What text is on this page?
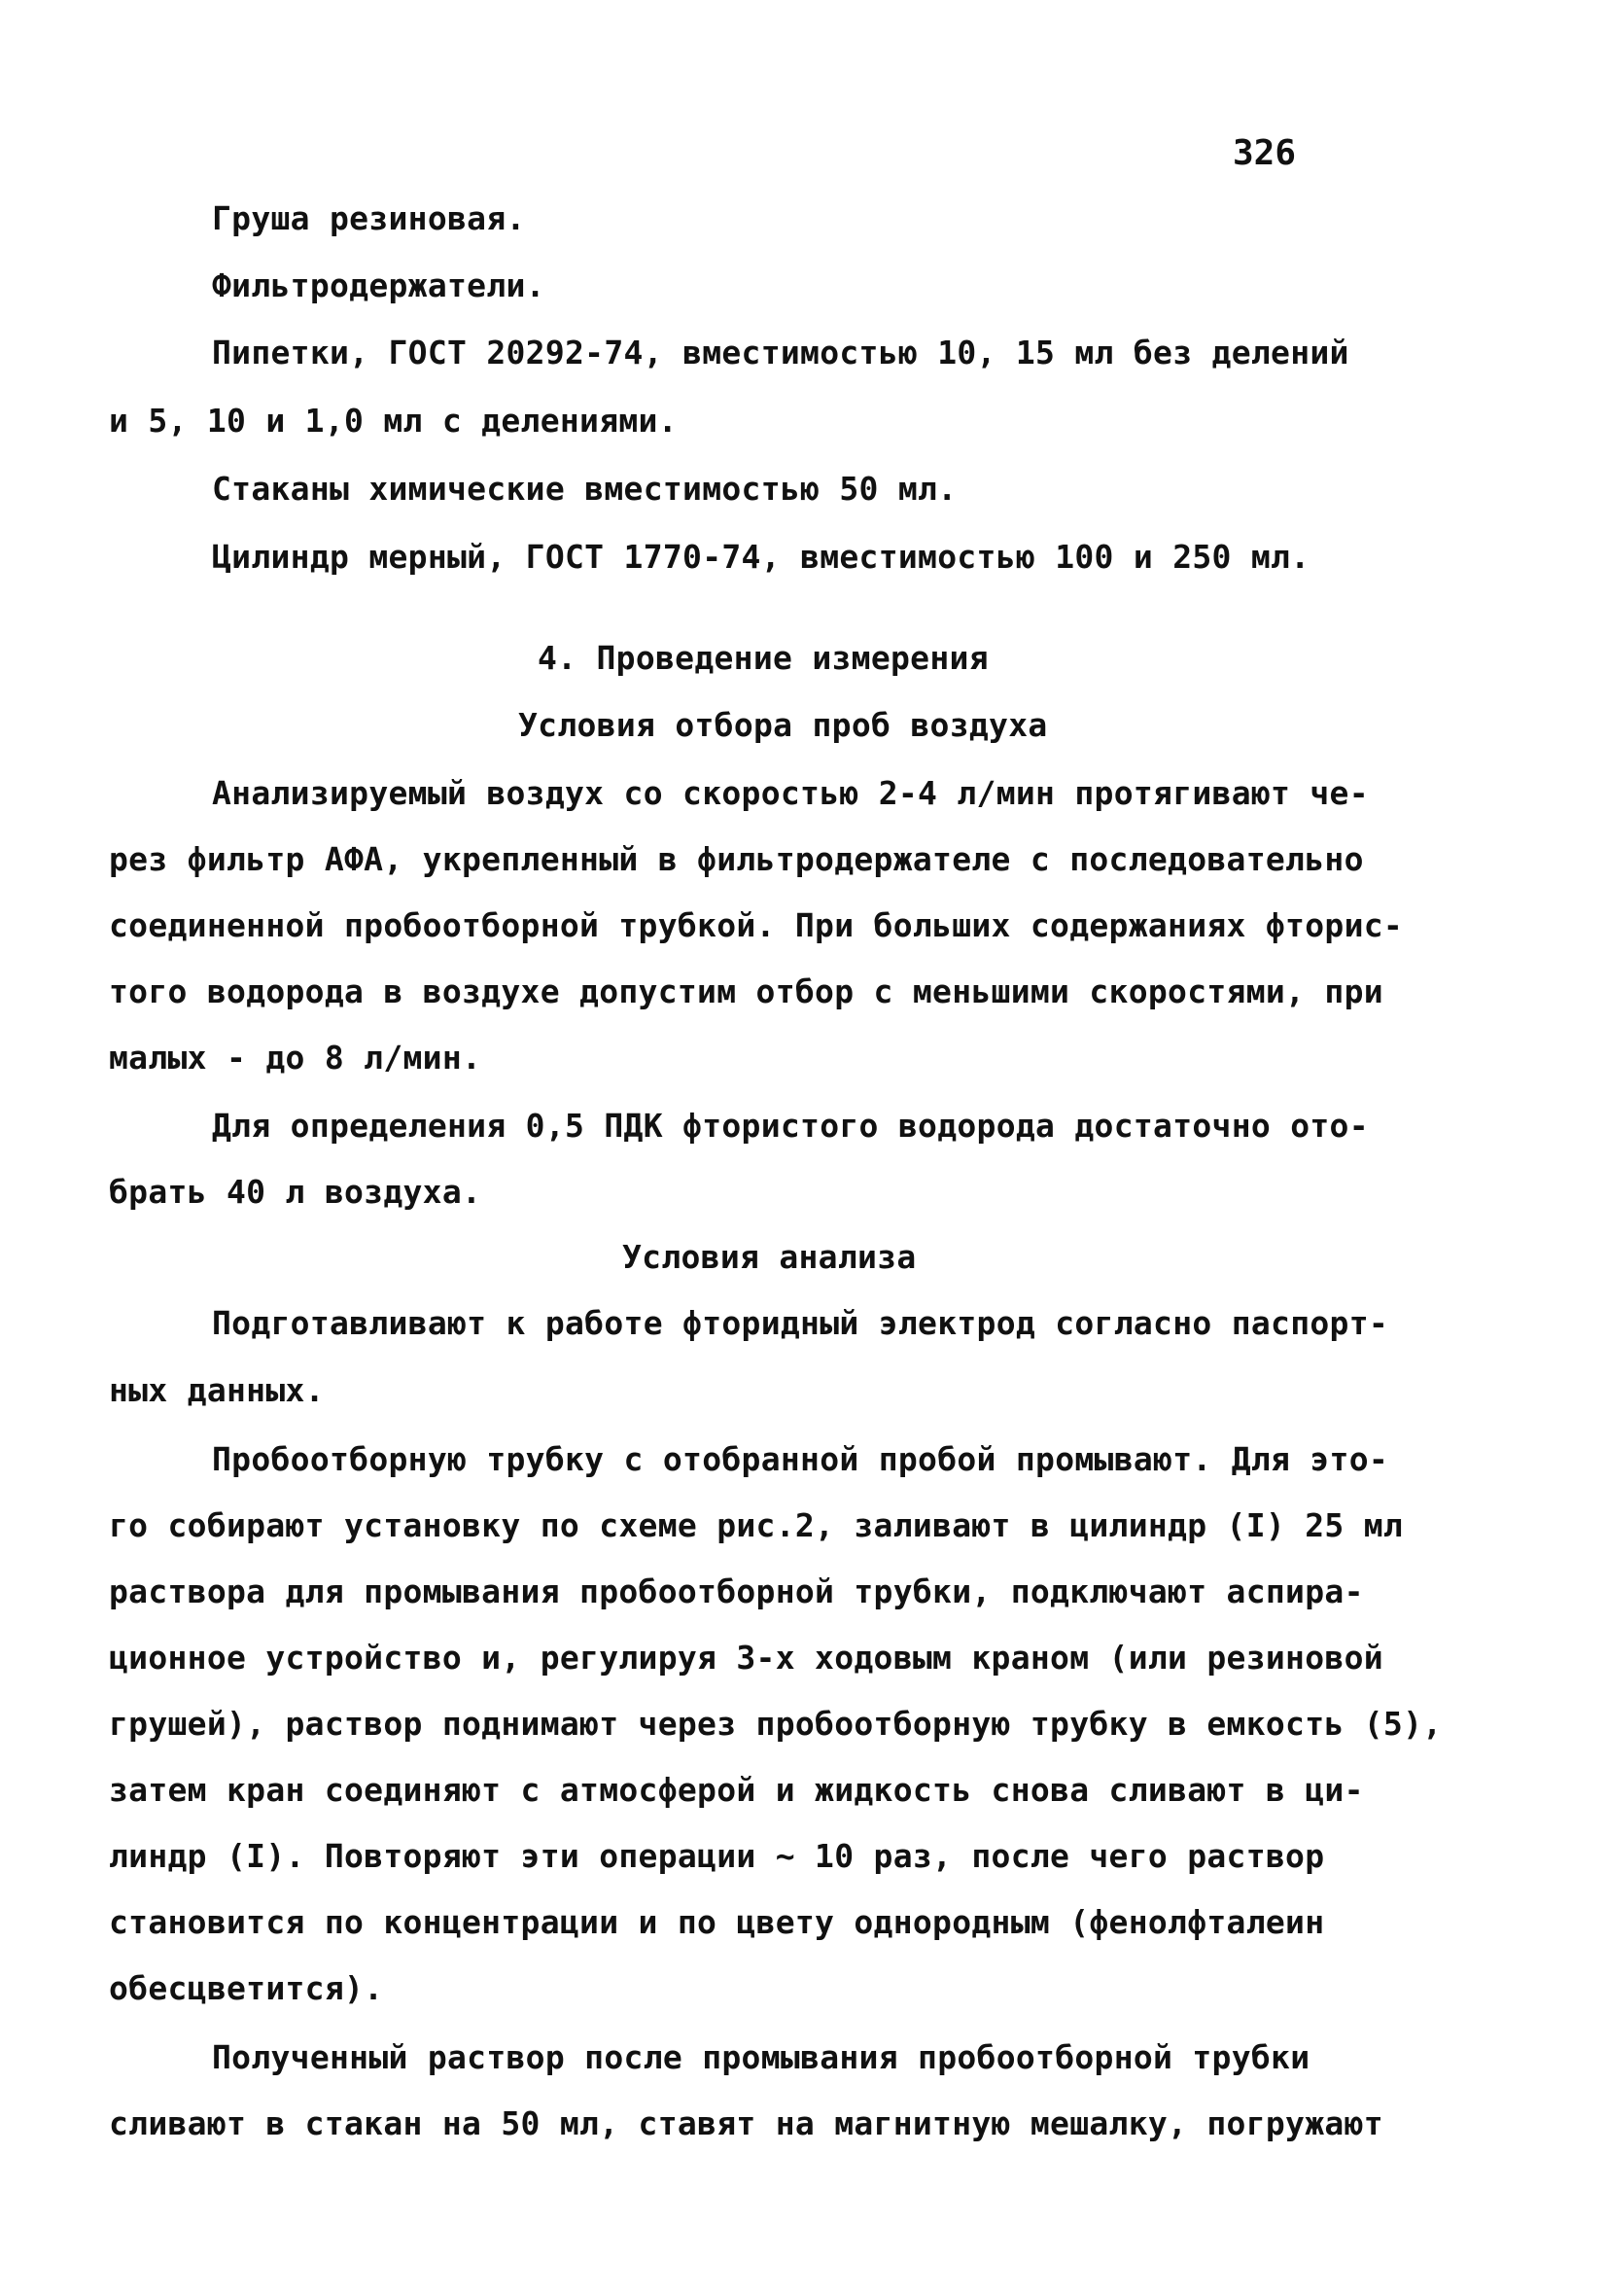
326
Груша резиновая.
Фильтродержатели.
Пипетки, ГОСТ 20292-74, вместимостью 10, 15 мл без делений
и 5, 10 и 1,0 мл с делениями.
Стаканы химические вместимостью 50 мл.
Цилиндр мерный, ГОСТ 1770-74, вместимостью 100 и 250 мл.
4. Проведение измерения
Условия отбора проб воздуха
Анализируемый воздух со скоростью 2-4 л/мин протягивают че-
рез фильтр АФА, укрепленный в фильтродержателе с последовательно
соединенной пробоотборной трубкой. При больших содержаниях фторис-
того водорода в воздухе допустим отбор с меньшими скоростями, при
малых - до 8 л/мин.
Для определения 0,5 ПДК фтористого водорода достаточно ото-
брать 40 л воздуха.
Условия анализа
Подготавливают к работе фторидный электрод согласно паспорт-
ных данных.
Пробоотборную трубку с отобранной пробой промывают. Для это-
го собирают установку по схеме рис.2, заливают в цилиндр (I) 25 мл
раствора для промывания пробоотборной трубки, подключают аспира-
ционное устройство и, регулируя 3-х ходовым краном (или резиновой
грушей), раствор поднимают через пробоотборную трубку в емкость (5),
затем кран соединяют с атмосферой и жидкость снова сливают в ци-
линдр (I). Повторяют эти операции ~ 10 раз, после чего раствор
становится по концентрации и по цвету однородным (фенолфталеин
обесцветится).
Полученный раствор после промывания пробоотборной трубки
сливают в стакан на 50 мл, ставят на магнитную мешалку, погружают
